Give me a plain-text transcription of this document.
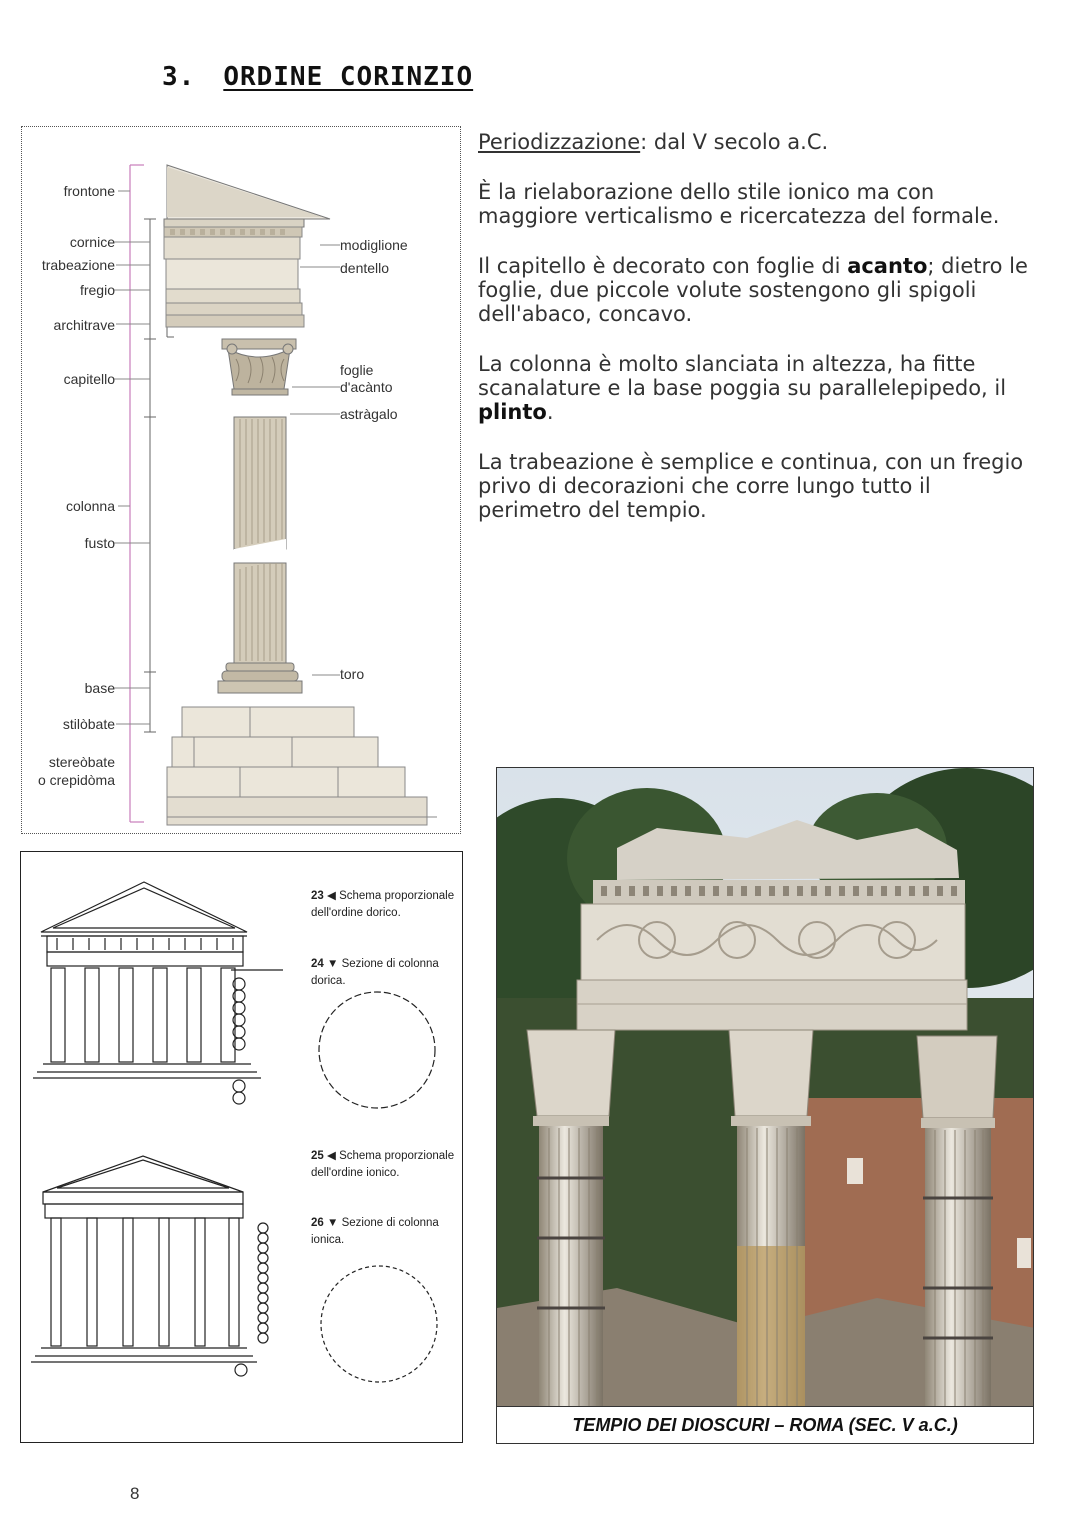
3. ORDINE CORINZIO
frontone
cornice
trabeazione
fregio
architrave
capitello
colonna
fusto
base
stilòbate
stereòbate
o crepidòma
modiglione
dentello
foglie
d'acànto
astràgalo
toro

Periodizzazione: dal V secolo a.C.

È la rielaborazione dello stile ionico ma con maggiore verticalismo e ricercatezza del formale.

Il capitello è decorato con foglie di acanto; dietro le foglie, due piccole volute sostengono gli spigoli dell'abaco, concavo.

La colonna è molto slanciata in altezza, ha fitte scanalature e la base poggia su parallelepipedo, il plinto.

La trabeazione è semplice e continua, con un fregio privo di decorazioni che corre lungo tutto il perimetro del tempio.

23 ◀ Schema proporzionale dell'ordine dorico.
24 ▼ Sezione di colonna dorica.
25 ◀ Schema proporzionale dell'ordine ionico.
26 ▼ Sezione di colonna ionica.
TEMPIO DEI DIOSCURI – ROMA (SEC. V a.C.)
8
